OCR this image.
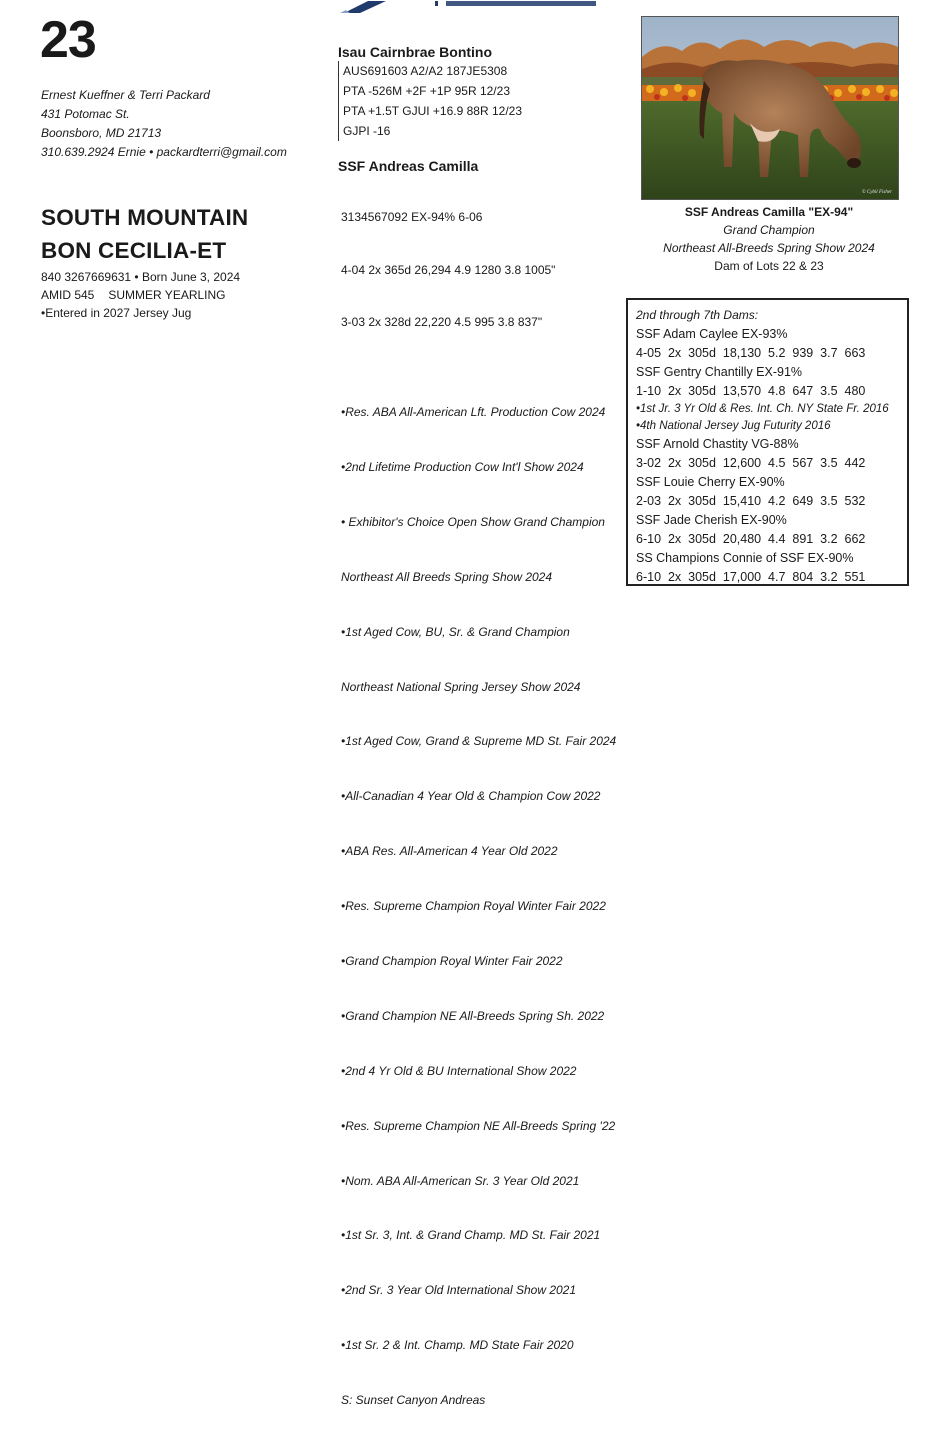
23
Ernest Kueffner & Terri Packard
431 Potomac St.
Boonsboro, MD 21713
310.639.2924 Ernie • packardterri@gmail.com
SOUTH MOUNTAIN
BON CECILIA-ET
840 3267669631 • Born June 3, 2024
AMID 545 SUMMER YEARLING
•Entered in 2027 Jersey Jug
Isau Cairnbrae Bontino
AUS691603 A2/A2 187JE5308
PTA -526M +2F +1P 95R 12/23
PTA +1.5T GJUI +16.9 88R 12/23
GJPI -16
SSF Andreas Camilla

3134567092 EX-94% 6-06

4-04 2x 365d 26,294 4.9 1280 3.8 1005"

3-03 2x 328d 22,220 4.5 995 3.8 837"

•Res. ABA All-American Lft. Production Cow 2024

•2nd Lifetime Production Cow Int'l Show 2024

• Exhibitor's Choice Open Show Grand Champion

Northeast All Breeds Spring Show 2024

•1st Aged Cow, BU, Sr. & Grand Champion

Northeast National Spring Jersey Show 2024

•1st Aged Cow, Grand & Supreme MD St. Fair 2024

•All-Canadian 4 Year Old & Champion Cow 2022

•ABA Res. All-American 4 Year Old 2022

•Res. Supreme Champion Royal Winter Fair 2022

•Grand Champion Royal Winter Fair 2022

•Grand Champion NE All-Breeds Spring Sh. 2022

•2nd 4 Yr Old & BU International Show 2022

•Res. Supreme Champion NE All-Breeds Spring '22

•Nom. ABA All-American Sr. 3 Year Old 2021

•1st Sr. 3, Int. & Grand Champ. MD St. Fair 2021

•2nd Sr. 3 Year Old International Show 2021

•1st Sr. 2 & Int. Champ. MD State Fair 2020

S: Sunset Canyon Andreas

© Cybil Fisher
SSF Andreas Camilla "EX-94"
Grand Champion
Northeast All-Breeds Spring Show 2024
Dam of Lots 22 & 23
2nd through 7th Dams:
SSF Adam Caylee EX-93%
4-05  2x  305d  18,130  5.2  939  3.7  663
SSF Gentry Chantilly EX-91%
1-10  2x  305d  13,570  4.8  647  3.5  480
•1st Jr. 3 Yr Old & Res. Int. Ch. NY State Fr. 2016
•4th National Jersey Jug Futurity 2016
SSF Arnold Chastity VG-88%
3-02  2x  305d  12,600  4.5  567  3.5  442
SSF Louie Cherry EX-90%
2-03  2x  305d  15,410  4.2  649  3.5  532
SSF Jade Cherish EX-90%
6-10  2x  305d  20,480  4.4  891  3.2  662
SS Champions Connie of SSF EX-90%
6-10  2x  305d  17,000  4.7  804  3.2  551
